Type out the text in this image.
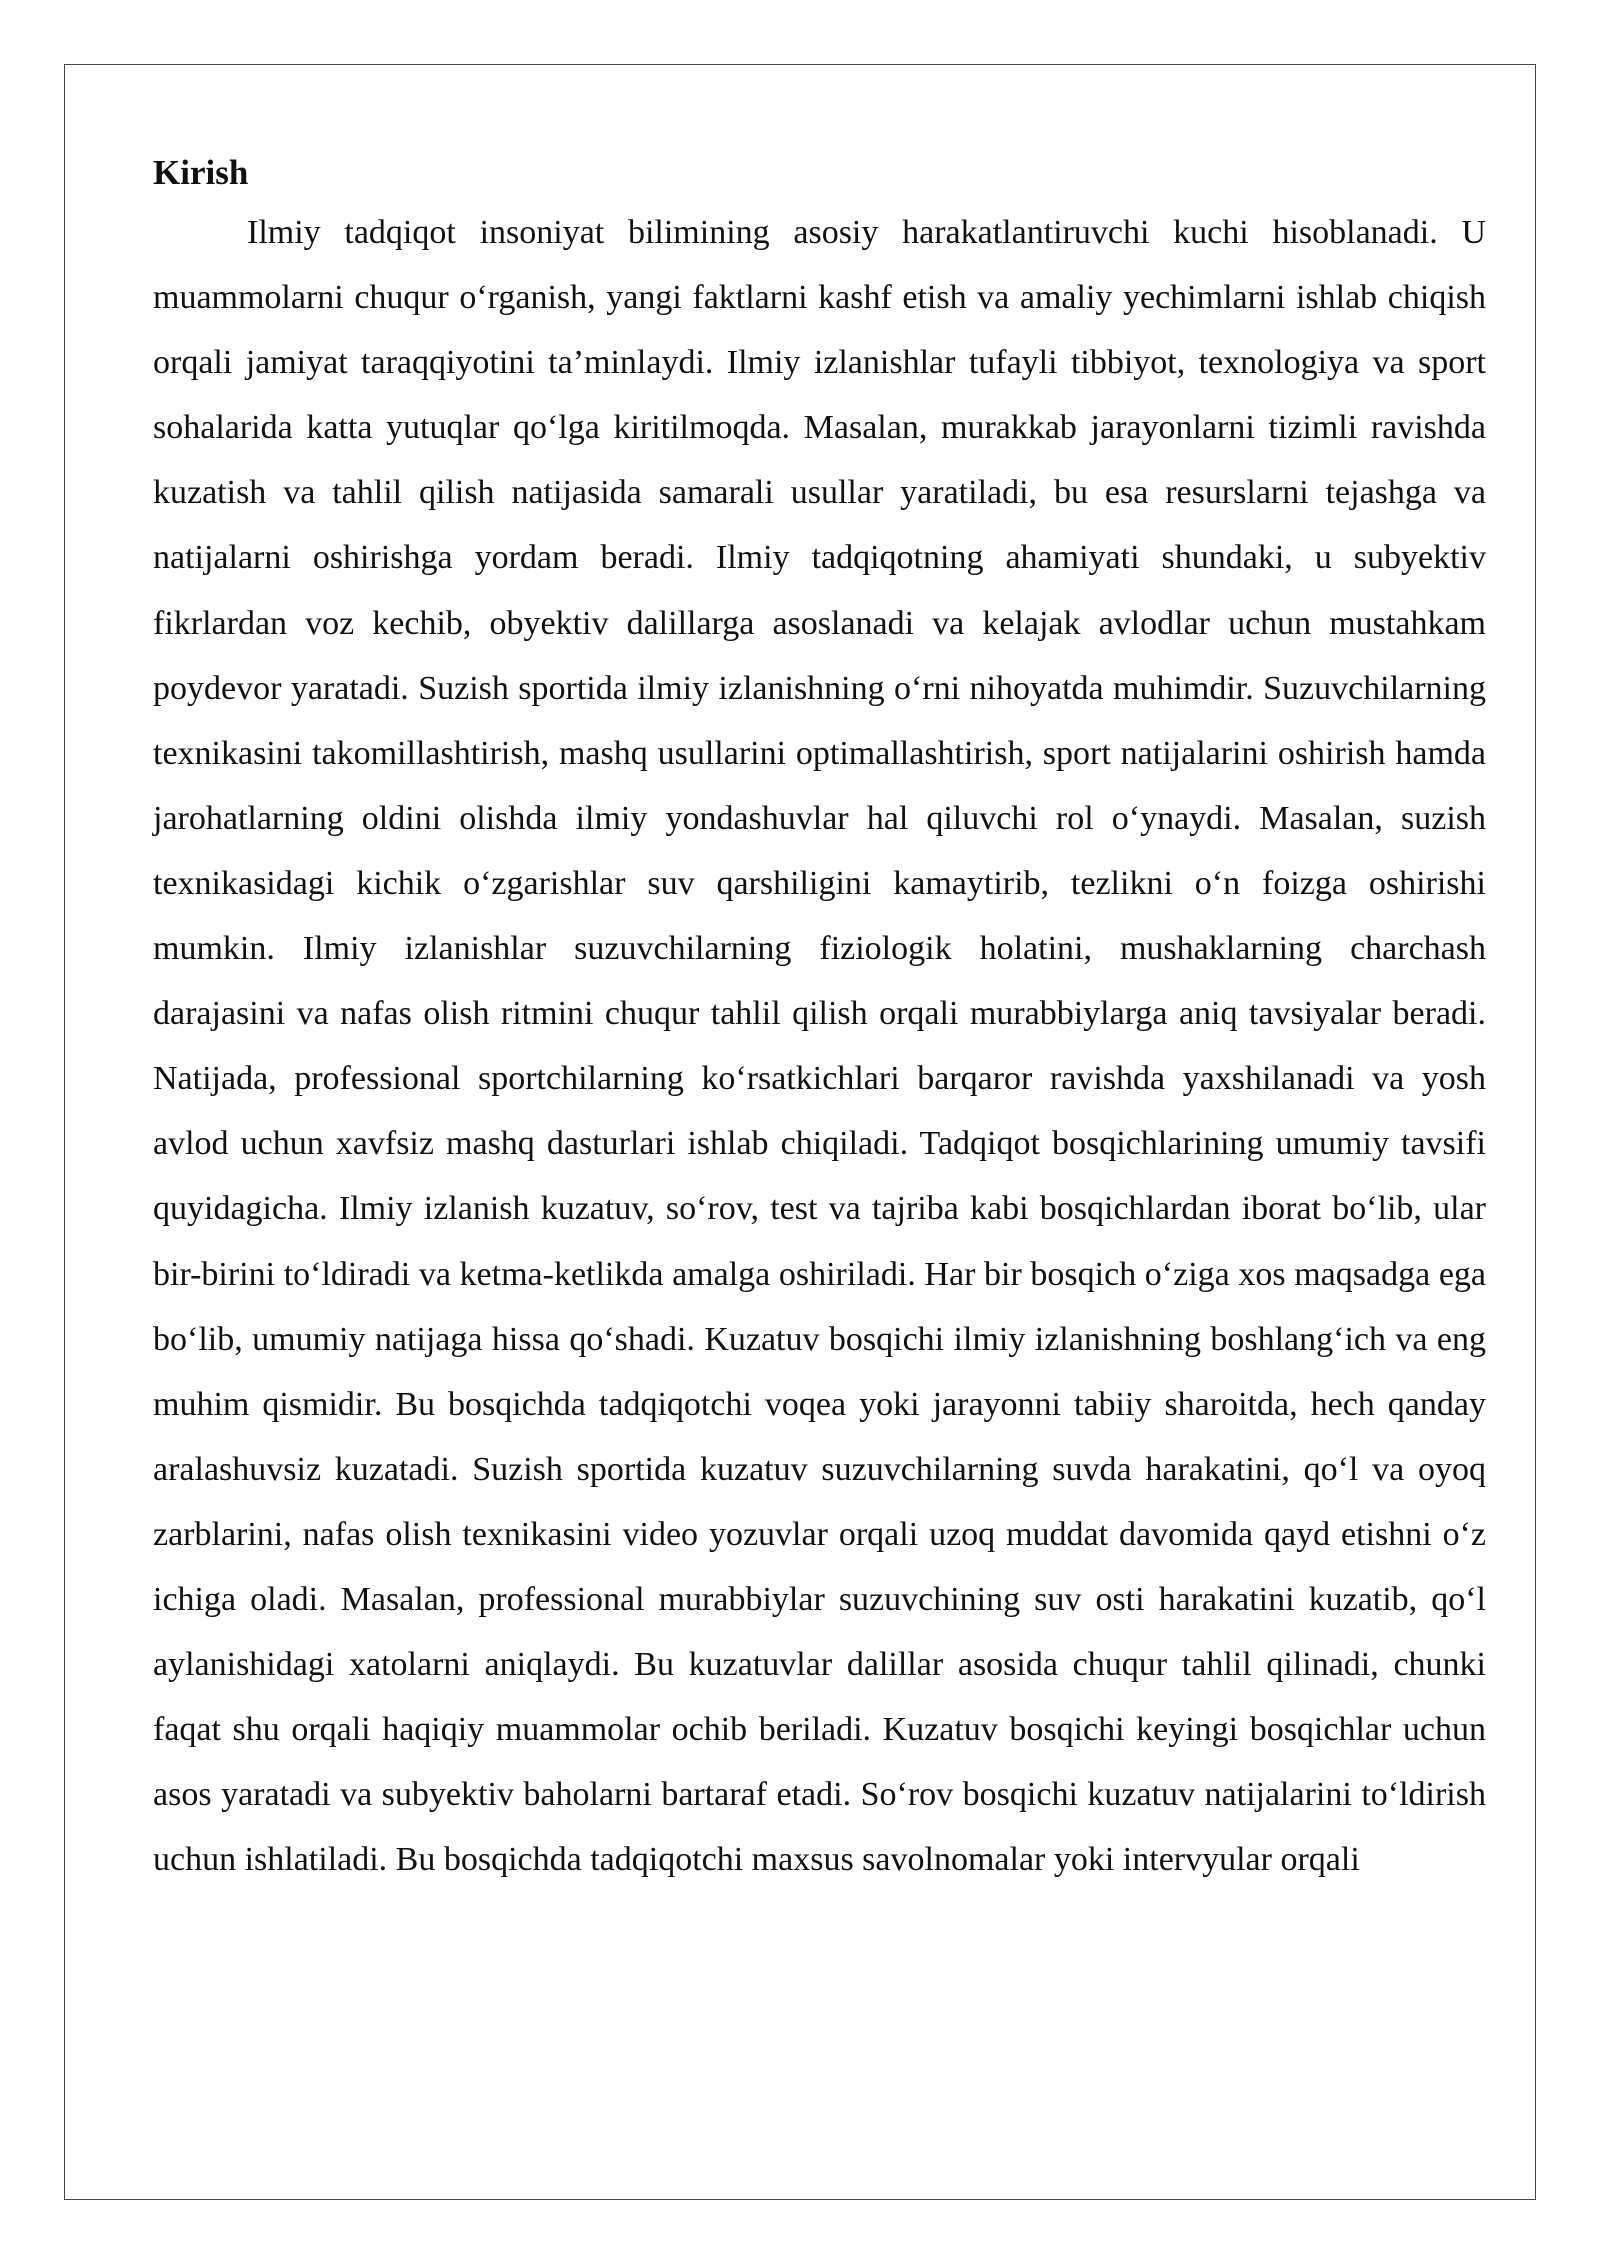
Kirish

Ilmiy tadqiqot insoniyat bilimining asosiy harakatlantiruvchi kuchi hisoblanadi. U muammolarni chuqur o‘rganish, yangi faktlarni kashf etish va amaliy yechimlarni ishlab chiqish orqali jamiyat taraqqiyotini ta’minlaydi. Ilmiy izlanishlar tufayli tibbiyot, texnologiya va sport sohalarida katta yutuqlar qo‘lga kiritilmoqda. Masalan, murakkab jarayonlarni tizimli ravishda kuzatish va tahlil qilish natijasida samarali usullar yaratiladi, bu esa resurslarni tejashga va natijalarni oshirishga yordam beradi. Ilmiy tadqiqotning ahamiyati shundaki, u subyektiv fikrlardan voz kechib, obyektiv dalillarga asoslanadi va kelajak avlodlar uchun mustahkam poydevor yaratadi. Suzish sportida ilmiy izlanishning o‘rni nihoyatda muhimdir. Suzuvchilarning texnikasini takomillashtirish, mashq usullarini optimallashtirish, sport natijalarini oshirish hamda jarohatlarning oldini olishda ilmiy yondashuvlar hal qiluvchi rol o‘ynaydi. Masalan, suzish texnikasidagi kichik o‘zgarishlar suv qarshiligini kamaytirib, tezlikni o‘n foizga oshirishi mumkin. Ilmiy izlanishlar suzuvchilarning fiziologik holatini, mushaklarning charchash darajasini va nafas olish ritmini chuqur tahlil qilish orqali murabbiylarga aniq tavsiyalar beradi. Natijada, professional sportchilarning ko‘rsatkichlari barqaror ravishda yaxshilanadi va yosh avlod uchun xavfsiz mashq dasturlari ishlab chiqiladi. Tadqiqot bosqichlarining umumiy tavsifi quyidagicha. Ilmiy izlanish kuzatuv, so‘rov, test va tajriba kabi bosqichlardan iborat bo‘lib, ular bir-birini to‘ldiradi va ketma-ketlikda amalga oshiriladi. Har bir bosqich o‘ziga xos maqsadga ega bo‘lib, umumiy natijaga hissa qo‘shadi. Kuzatuv bosqichi ilmiy izlanishning boshlang‘ich va eng muhim qismidir. Bu bosqichda tadqiqotchi voqea yoki jarayonni tabiiy sharoitda, hech qanday aralashuvsiz kuzatadi. Suzish sportida kuzatuv suzuvchilarning suvda harakatini, qo‘l va oyoq zarblarini, nafas olish texnikasini video yozuvlar orqali uzoq muddat davomida qayd etishni o‘z ichiga oladi. Masalan, professional murabbiylar suzuvchining suv osti harakatini kuzatib, qo‘l aylanishidagi xatolarni aniqlaydi. Bu kuzatuvlar dalillar asosida chuqur tahlil qilinadi, chunki faqat shu orqali haqiqiy muammolar ochib beriladi. Kuzatuv bosqichi keyingi bosqichlar uchun asos yaratadi va subyektiv baholarni bartaraf etadi. So‘rov bosqichi kuzatuv natijalarini to‘ldirish uchun ishlatiladi. Bu bosqichda tadqiqotchi maxsus savolnomalar yoki intervyular orqali
